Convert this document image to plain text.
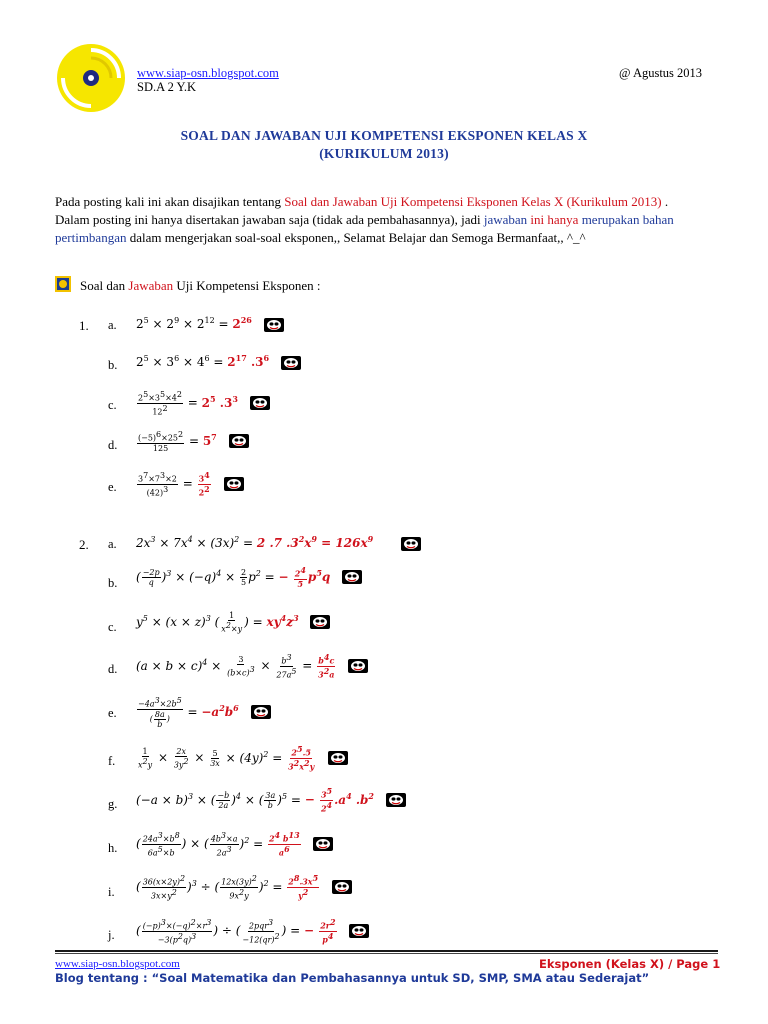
www.siap-osn.blogspot.com
SD.A 2 Y.K
@ Agustus 2013
SOAL DAN JAWABAN UJI KOMPETENSI EKSPONEN KELAS X
(KURIKULUM 2013)
Pada posting kali ini akan disajikan tentang Soal dan Jawaban Uji Kompetensi Eksponen Kelas X (Kurikulum 2013) .
Dalam posting ini hanya disertakan jawaban saja (tidak ada pembahasannya), jadi jawaban ini hanya merupakan bahan pertimbangan dalam mengerjakan soal-soal eksponen,, Selamat Belajar dan Semoga Bermanfaat,, ^_^
Soal dan Jawaban Uji Kompetensi Eksponen :
1. a. $2^5 \times 2^9 \times 2^{12} = 2^{26}$
b. $2^5 \times 3^6 \times 4^6 = 2^{17}$ $.3^6$
c.	$\frac{2^5\times 3^5\times 4^2}{12^2} = 2^5$ $.3^3$
d. $\frac{(-5)^6\times 25^2}{125} = 5^7$
e.	$\frac{3^7\times 7^3\times 2}{(42)^3} = \frac{3^4}{2^2}$

2. a. $2x^3 \times 7x^4 \times (3x)^2 = 2$ .7 $.3^2x^9 = 126x^9$
b. ( $\frac{-2p}{q} )^3 \times (-q)^4 \times \frac{2}{5} p^2$ = − $\frac{2^4}{5} p^5q$
c. $y^5 \times (x \times z)^3$ ( $\frac{1}{x^2\times y}$ ) = $xy^4z^3$
d. $(a \times b \times c)^4 \times \frac{3}{(b\times c)^3} \times \frac{b^3}{27a^5} = \frac{b^4c}{3^2a}$

e.	$\frac{-4a^3\times 2b^5}{( \frac{8a}{b} )} = -a^2b^6$
f.	$\frac{1}{x^2y} \times \frac{2x}{3y^2} \times \frac{5}{3x} \times (4y)^2 = \frac{2^5.5}{3^2x^2y}$

g. $(-a \times b)^3$ × ( $\frac{-b}{2a} )^4$ × ( $\frac{3a}{b} )^5$ = − $\frac{3^5}{2^4} .a^4$ $.b^2$
h. ( $\frac{24a^3\times b^8}{6a^5\times b}$ ) × ( $\frac{4b^3\times a}{2a^3} )^2 = \frac{2^4 b^{13}}{a^6}$

i. ( $\frac{36(x\times 2y)^2}{3x\times y^2} )^3$ ÷ ( $\frac{12x(3y)^2}{9x^2y} )^2 = \frac{2^8.3x^5}{y^2}$

j. ( $\frac{(-p)^3\times(-q)^2\times r^3}{-3(p^2q)^3}$ ) ÷ ( $\frac{2pqr^3}{-12(qr)^2}$ ) = − $\frac{2r^2}{p^4}$

www.siap-osn.blogspot.com	Eksponen (Kelas X) / Page 1
Blog tentang : “Soal Matematika dan Pembahasannya untuk SD, SMP, SMA atau Sederajat”
